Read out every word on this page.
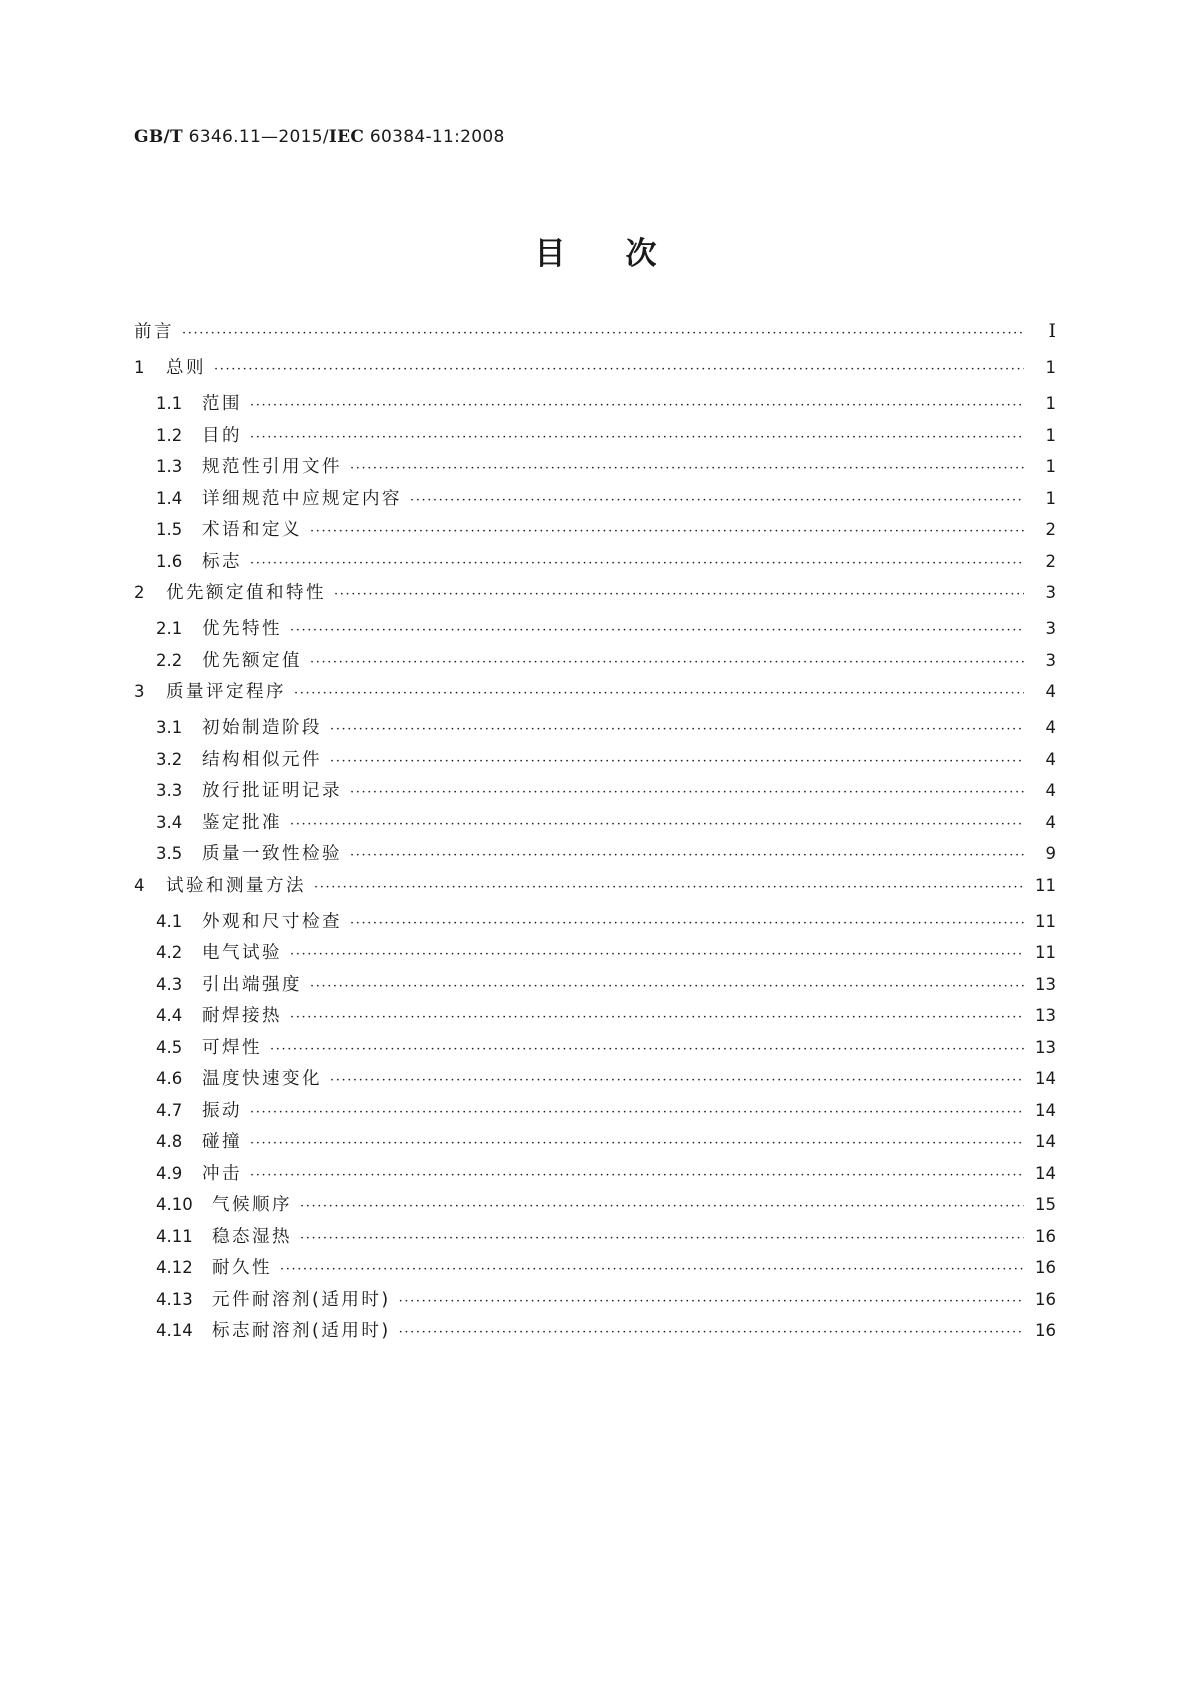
GB/T 6346.11—2015/IEC 60384-11:2008
目次
前言 ·····	I
1	总则 ·····	1
1.1	范围 ·····	1
1.2	目的 ·····	1
1.3	规范性引用文件 ·····	1
1.4	详细规范中应规定内容 ·····	1
1.5	术语和定义 ·····	2
1.6	标志 ·····	2
2	优先额定值和特性 ·····	3
2.1	优先特性 ·····	3
2.2	优先额定值 ·····	3
3	质量评定程序 ·····	4
3.1	初始制造阶段 ·····	4
3.2	结构相似元件 ·····	4
3.3	放行批证明记录 ·····	4
3.4	鉴定批准 ·····	4
3.5	质量一致性检验 ·····	9
4	试验和测量方法 ·····	11
4.1	外观和尺寸检查 ·····	11
4.2	电气试验 ·····	11
4.3	引出端强度 ·····	13
4.4	耐焊接热 ·····	13
4.5	可焊性 ·····	13
4.6	温度快速变化 ·····	14
4.7	振动 ·····	14
4.8	碰撞 ·····	14
4.9	冲击 ·····	14
4.10	气候顺序 ·····	15
4.11	稳态湿热 ·····	16
4.12	耐久性 ·····	16
4.13	元件耐溶剂(适用时) ·····	16
4.14	标志耐溶剂(适用时) ·····	16
